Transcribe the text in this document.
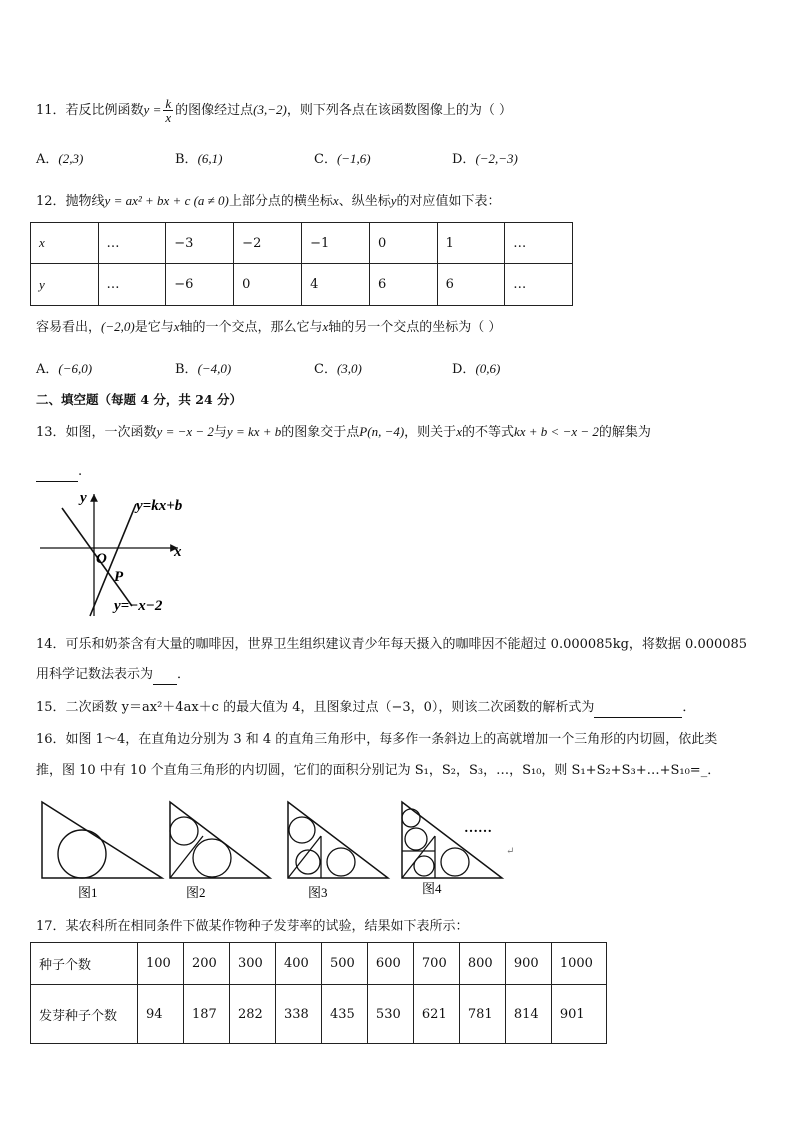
11．若反比例函数$y = \frac{k}{x}$ 的图像经过点(3,−2)，则下列各点在该函数图像上的为（ ）
A．(2,3)	B．(6,1)	C．(−1,6)	D．(−2,−3)
12．抛物线y = ax² + bx + c (a ≠ 0)上部分点的横坐标x、纵坐标y的对应值如下表：
x	…	−3	−2	−1	0	1	…
y	…	−6	0	4	6	6	…
容易看出，(−2,0)是它与x轴的一个交点，那么它与x轴的另一个交点的坐标为（ ）
A．(−6,0)	B．(−4,0)	C．(3,0)	D．(0,6)
二、填空题（每题 4 分，共 24 分）
13．如图，一次函数y = −x − 2与y = kx + b的图象交于点P(n, −4)，则关于x的不等式kx + b < −x − 2的解集为
.
y
x
O
P
y=kx+b
y=−x−2
14．可乐和奶茶含有大量的咖啡因，世界卫生组织建议青少年每天摄入的咖啡因不能超过 0.000085kg，将数据 0.000085
用科学记数法表示为 ．
15．二次函数 y＝ax²＋4ax＋c 的最大值为 4，且图象过点（−3，0），则该二次函数的解析式为	．
16．如图 1～4，在直角边分别为 3 和 4 的直角三角形中，每多作一条斜边上的高就增加一个三角形的内切圆，依此类
推，图 10 中有 10 个直角三角形的内切圆，它们的面积分别记为 S₁，S₂，S₃，…，S₁₀，则 S₁+S₂+S₃+…+S₁₀=_．
图1	图2	图3	图4
……
↵
17．某农科所在相同条件下做某作物种子发芽率的试验，结果如下表所示：
种子个数	100	200	300	400	500	600	700	800	900	1000
发芽种子个数	94	187	282	338	435	530	621	781	814	901
